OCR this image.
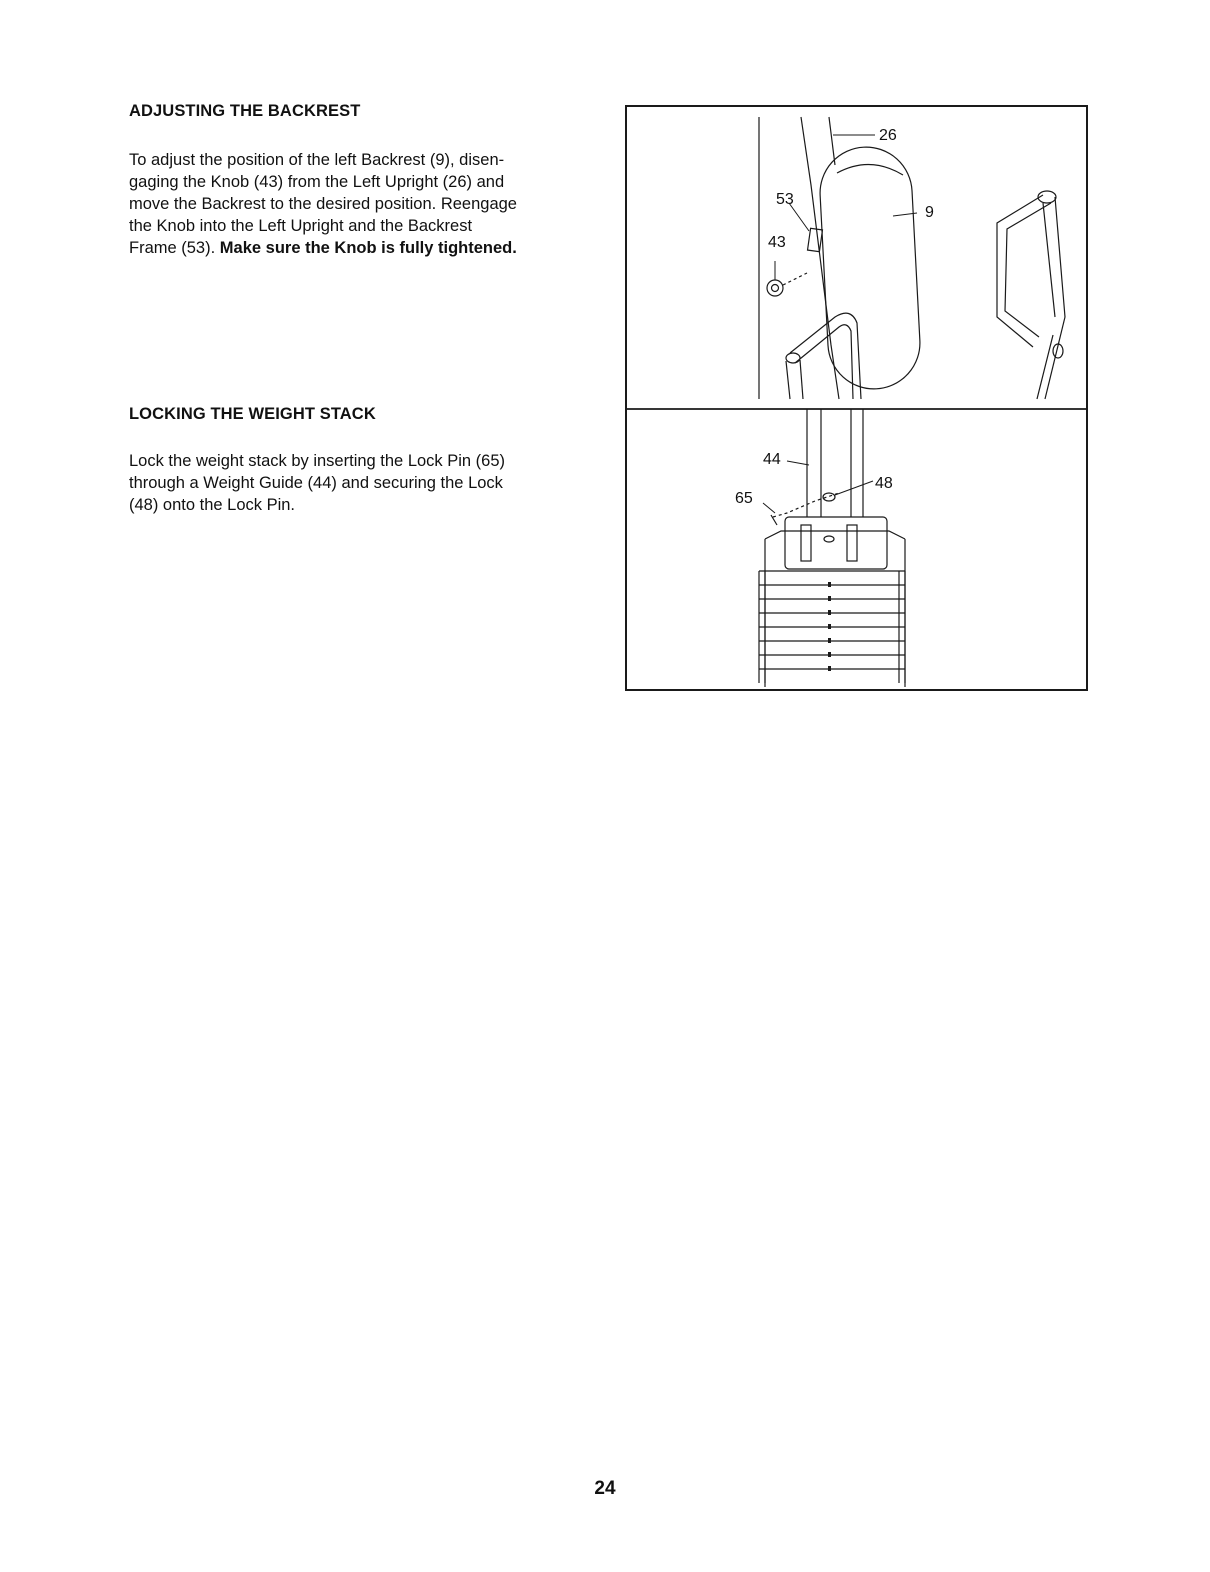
ADJUSTING THE BACKREST

To adjust the position of the left Backrest (9), disen-
gaging the Knob (43) from the Left Upright (26) and
move the Backrest to the desired position. Reengage
the Knob into the Left Upright and the Backrest
Frame (53). Make sure the Knob is fully tightened.

LOCKING THE WEIGHT STACK

Lock the weight stack by inserting the Lock Pin (65)
through a Weight Guide (44) and securing the Lock
(48) onto the Lock Pin.

26
9
53
43
44
48
65

24
